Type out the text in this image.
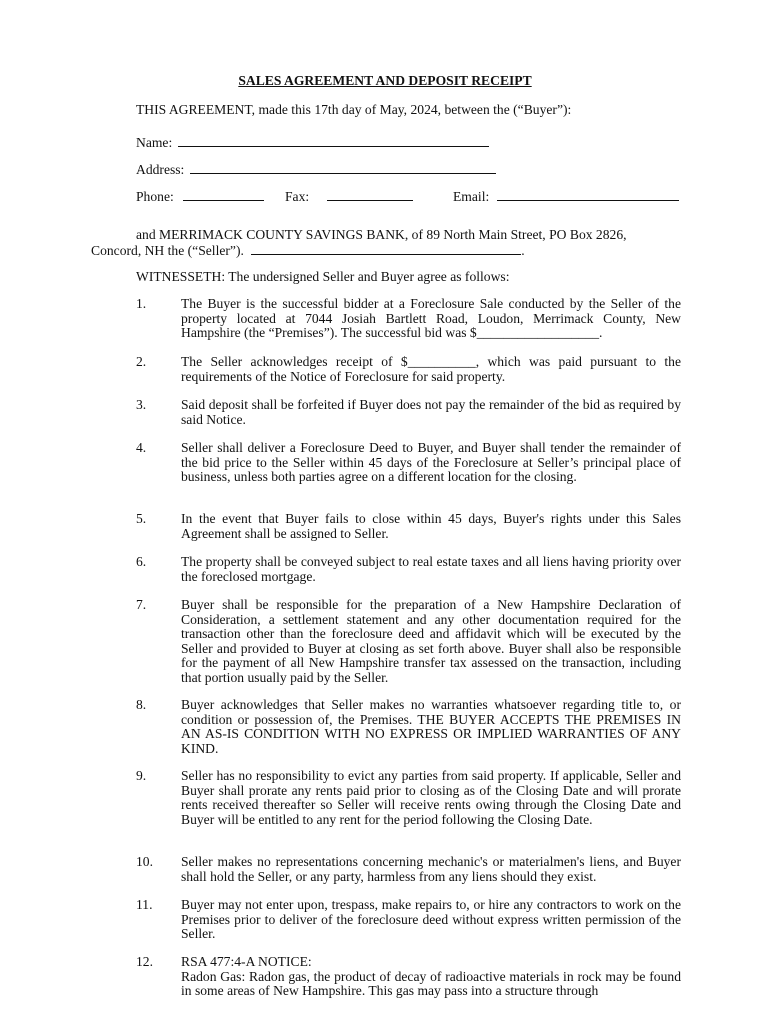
SALES AGREEMENT AND DEPOSIT RECEIPT
THIS AGREEMENT, made this 17th day of May, 2024, between the (“Buyer”):
Name:
Address:
Phone:	Fax:	Email:
and MERRIMACK COUNTY SAVINGS BANK, of 89 North Main Street, PO Box 2826,
Concord, NH the (“Seller”).	.
WITNESSETH: The undersigned Seller and Buyer agree as follows:
1.	The Buyer is the successful bidder at a Foreclosure Sale conducted by the Seller of the property located at 7044 Josiah Bartlett Road, Loudon, Merrimack County, New Hampshire (the “Premises”). The successful bid was $__________________.
2.	The Seller acknowledges receipt of $__________, which was paid pursuant to the requirements of the Notice of Foreclosure for said property.
3.	Said deposit shall be forfeited if Buyer does not pay the remainder of the bid as required by said Notice.
4.	Seller shall deliver a Foreclosure Deed to Buyer, and Buyer shall tender the remainder of the bid price to the Seller within 45 days of the Foreclosure at Seller’s principal place of business, unless both parties agree on a different location for the closing.
5.	In the event that Buyer fails to close within 45 days, Buyer's rights under this Sales Agreement shall be assigned to Seller.
6.	The property shall be conveyed subject to real estate taxes and all liens having priority over the foreclosed mortgage.
7.	Buyer shall be responsible for the preparation of a New Hampshire Declaration of Consideration, a settlement statement and any other documentation required for the transaction other than the foreclosure deed and affidavit which will be executed by the Seller and provided to Buyer at closing as set forth above. Buyer shall also be responsible for the payment of all New Hampshire transfer tax assessed on the transaction, including that portion usually paid by the Seller.
8.	Buyer acknowledges that Seller makes no warranties whatsoever regarding title to, or condition or possession of, the Premises. THE BUYER ACCEPTS THE PREMISES IN AN AS-IS CONDITION WITH NO EXPRESS OR IMPLIED WARRANTIES OF ANY KIND.
9.	Seller has no responsibility to evict any parties from said property. If applicable, Seller and Buyer shall prorate any rents paid prior to closing as of the Closing Date and will prorate rents received thereafter so Seller will receive rents owing through the Closing Date and Buyer will be entitled to any rent for the period following the Closing Date.
10. Seller makes no representations concerning mechanic's or materialmen's liens, and Buyer shall hold the Seller, or any party, harmless from any liens should they exist.
11. Buyer may not enter upon, trespass, make repairs to, or hire any contractors to work on the Premises prior to deliver of the foreclosure deed without express written permission of the Seller.
12. RSA 477:4-A NOTICE:
Radon Gas: Radon gas, the product of decay of radioactive materials in rock may be found in some areas of New Hampshire. This gas may pass into a structure through
